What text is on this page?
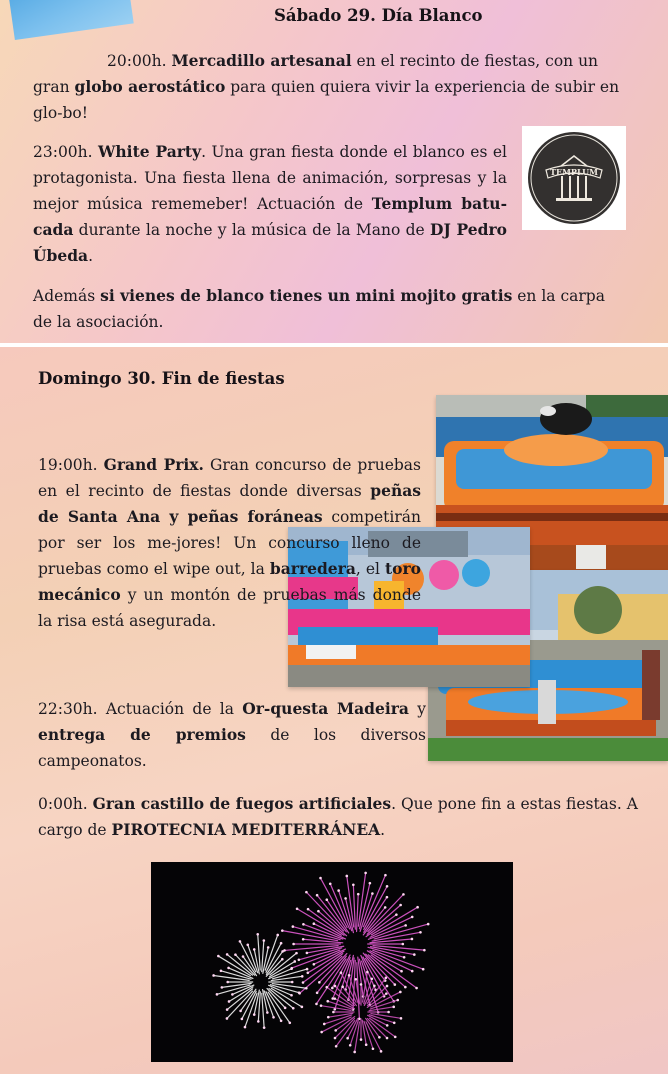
Sábado 29. Día Blanco

20:00h. Mercadillo artesanal en el recinto de fiestas, con un gran globo aerostático para quien quiera vivir la experiencia de subir en glo-bo!

23:00h. White Party. Una gran fiesta donde el blanco es el protagonista. Una fiesta llena de animación, sorpresas y la mejor música rememeber! Actuación de Templum batu-cada durante la noche y la música de la Mano de DJ Pedro Úbeda.

TEMPLUM

Además si vienes de blanco tienes un mini mojito gratis en la carpa de la asociación.

Domingo 30. Fin de fiestas

19:00h. Grand Prix. Gran concurso de pruebas en el recinto de fiestas donde diversas peñas de Santa Ana y peñas foráneas competirán por ser los me-jores! Un concurso lleno de pruebas como el wipe out, la barredera, el toro mecánico y un montón de pruebas más donde la risa está asegurada.

22:30h. Actuación de la Or-questa Madeira y entrega de premios de los diversos campeonatos.

0:00h. Gran castillo de fuegos artificiales. Que pone fin a estas fiestas. A cargo de PIROTECNIA MEDITERRÁNEA.
